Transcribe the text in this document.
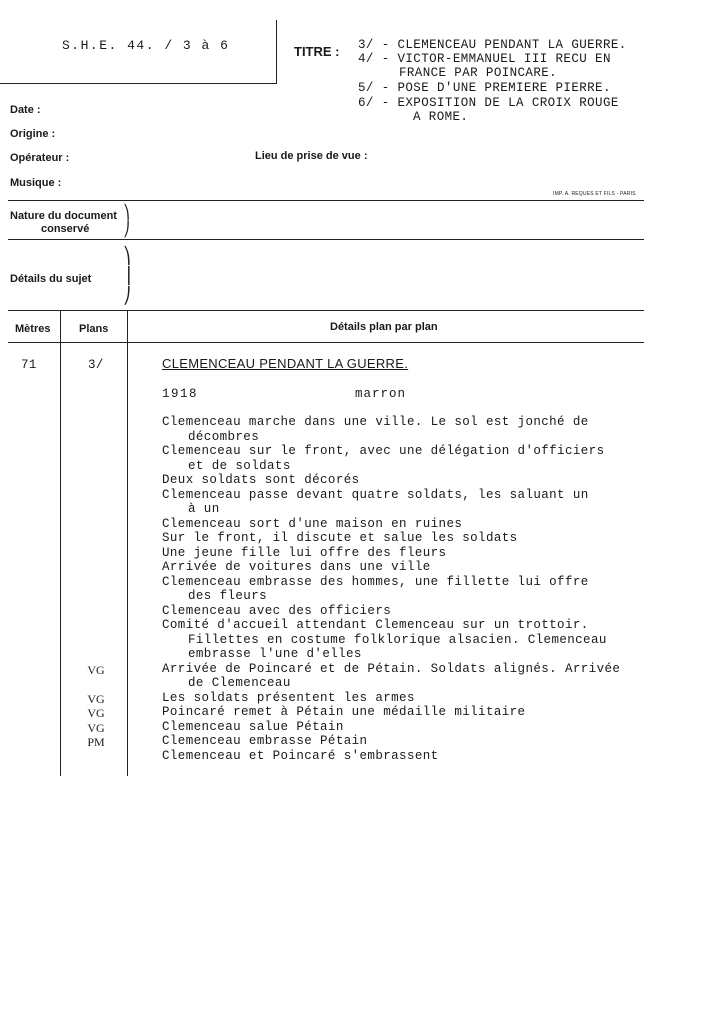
S.H.E. 44. / 3 à 6	TITRE : 3/ - CLEMENCEAU PENDANT LA GUERRE.
4/ - VICTOR-EMMANUEL III RECU EN
FRANCE PAR POINCARE.
5/ - POSE D'UNE PREMIERE PIERRE.
6/ - EXPOSITION DE LA CROIX ROUGE
A ROME.
Date :
Origine :
Opérateur :	Lieu de prise de vue :
Musique :
IMP. A. REQUES ET FILS - PARIS
Nature du document
conservé
⎞
⎠
Détails du sujet
⎞
⎟
⎠
Mètres	Plans	Détails plan par plan
71	3/	CLEMENCEAU PENDANT LA GUERRE.
1918	marron
Clemenceau marche dans une ville. Le sol est jonché de
décombres
Clemenceau sur le front, avec une délégation d'officiers
et de soldats
Deux soldats sont décorés
Clemenceau passe devant quatre soldats, les saluant un
à un
Clemenceau sort d'une maison en ruines
Sur le front, il discute et salue les soldats
Une jeune fille lui offre des fleurs
Arrivée de voitures dans une ville
Clemenceau embrasse des hommes, une fillette lui offre
des fleurs
Clemenceau avec des officiers
Comité d'accueil attendant Clemenceau sur un trottoir.
Fillettes en costume folklorique alsacien. Clemenceau
embrasse l'une d'elles
VG	Arrivée de Poincaré et de Pétain. Soldats alignés. Arrivée
de Clemenceau
VG	Les soldats présentent les armes
VG	Poincaré remet à Pétain une médaille militaire
VG	Clemenceau salue Pétain
PM	Clemenceau embrasse Pétain
Clemenceau et Poincaré s'embrassent
